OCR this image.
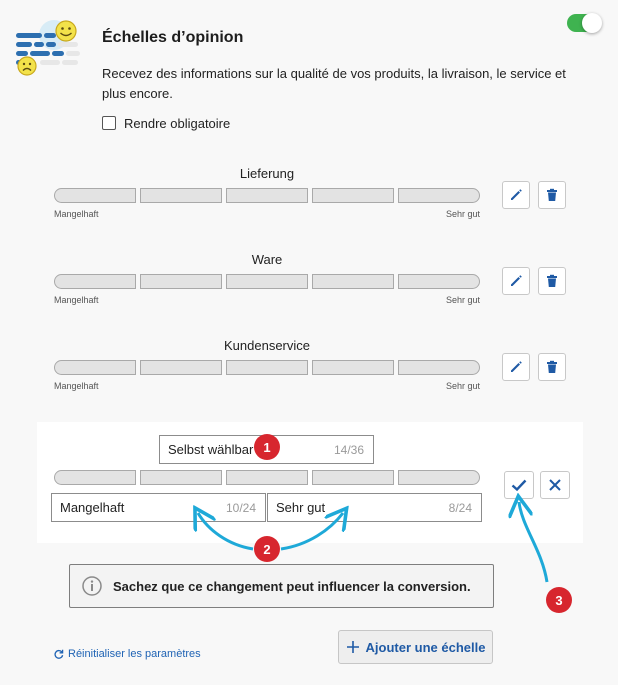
Échelles d’opinion
Recevez des informations sur la qualité de vos produits, la livraison, le service et plus encore.
Rendre obligatoire
Lieferung
Mangelhaft	Sehr gut
Ware
Mangelhaft	Sehr gut
Kundenservice
Mangelhaft	Sehr gut
Selbst wählbar	14/36
Mangelhaft	10/24 Sehr gut	8/24
1
2
3
Sachez que ce changement peut influencer la conversion.
Réinitialiser les paramètres	Ajouter une échelle
